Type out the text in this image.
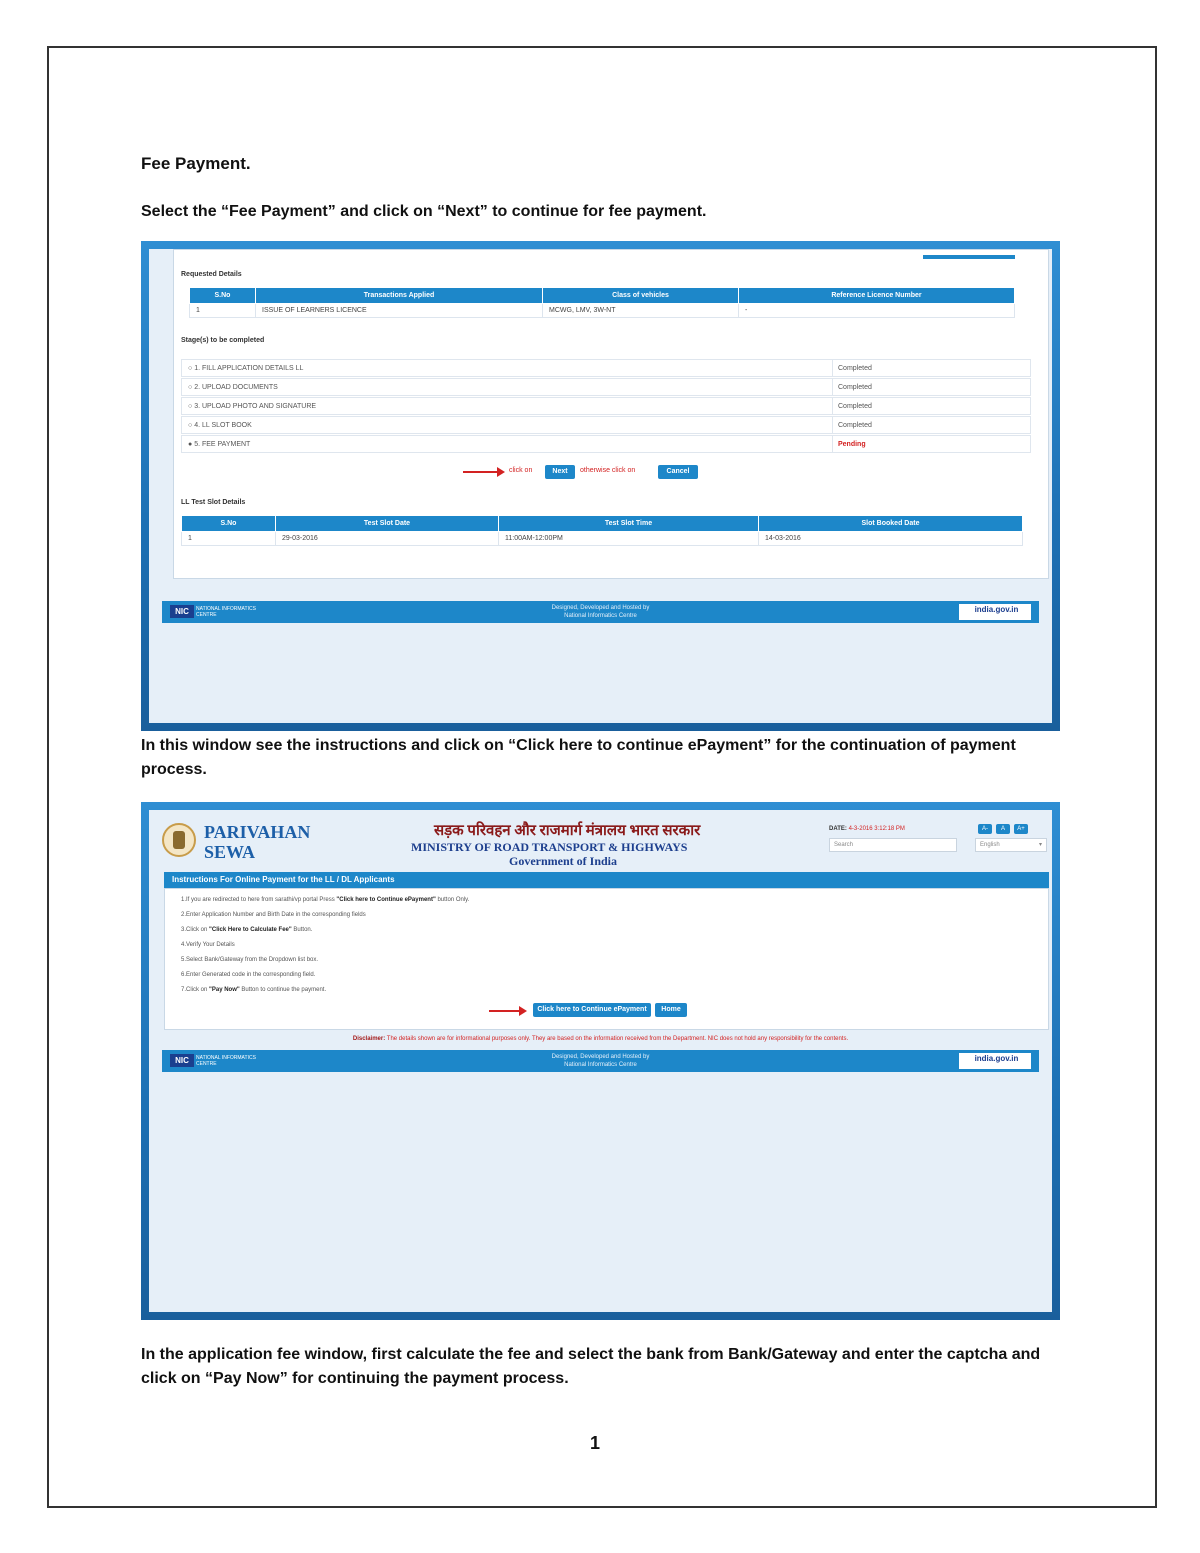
Fee Payment.
Select the “Fee Payment” and click on “Next” to continue for fee payment.
Requested Details
S.No	Transactions Applied	Class of vehicles	Reference Licence Number
1	ISSUE OF LEARNERS LICENCE	MCWG, LMV, 3W-NT	-
Stage(s) to be completed
○ 1. FILL APPLICATION DETAILS LL	Completed
○ 2. UPLOAD DOCUMENTS	Completed
○ 3. UPLOAD PHOTO AND SIGNATURE	Completed
○ 4. LL SLOT BOOK	Completed
● 5. FEE PAYMENT	Pending
click on	Next	otherwise click on	Cancel
LL Test Slot Details
S.No	Test Slot Date	Test Slot Time	Slot Booked Date
1	29-03-2016	11:00AM-12:00PM	14-03-2016
NIC	NATIONAL INFORMATICS CENTRE
Designed, Developed and Hosted by
National Informatics Centre
india.gov.in
In this window see the instructions and click on “Click here to continue ePayment” for the continuation of payment process.
PARIVAHAN
SEWA
सड़क परिवहन और राजमार्ग मंत्रालय भारत सरकार
MINISTRY OF ROAD TRANSPORT & HIGHWAYS
Government of India
DATE: 4-3-2016 3:12:18 PM
Search	English	▾
A-	A	A+
Instructions For Online Payment for the LL / DL Applicants
1.If you are redirected to here from sarathi/vp portal Press "Click here to Continue ePayment" button Only.
2.Enter Application Number and Birth Date in the corresponding fields
3.Click on "Click Here to Calculate Fee" Button.
4.Verify Your Details
5.Select Bank/Gateway from the Dropdown list box.
6.Enter Generated code in the corresponding field.
7.Click on "Pay Now" Button to continue the payment.
Click here to Continue ePayment	Home
Disclaimer: The details shown are for informational purposes only. They are based on the information received from the Department. NIC does not hold any responsibility for the contents.
NIC	NATIONAL INFORMATICS CENTRE
Designed, Developed and Hosted by
National Informatics Centre
india.gov.in
In the application fee window, first calculate the fee and select the bank from Bank/Gateway and enter the captcha and click on “Pay Now” for continuing the payment process.
1
